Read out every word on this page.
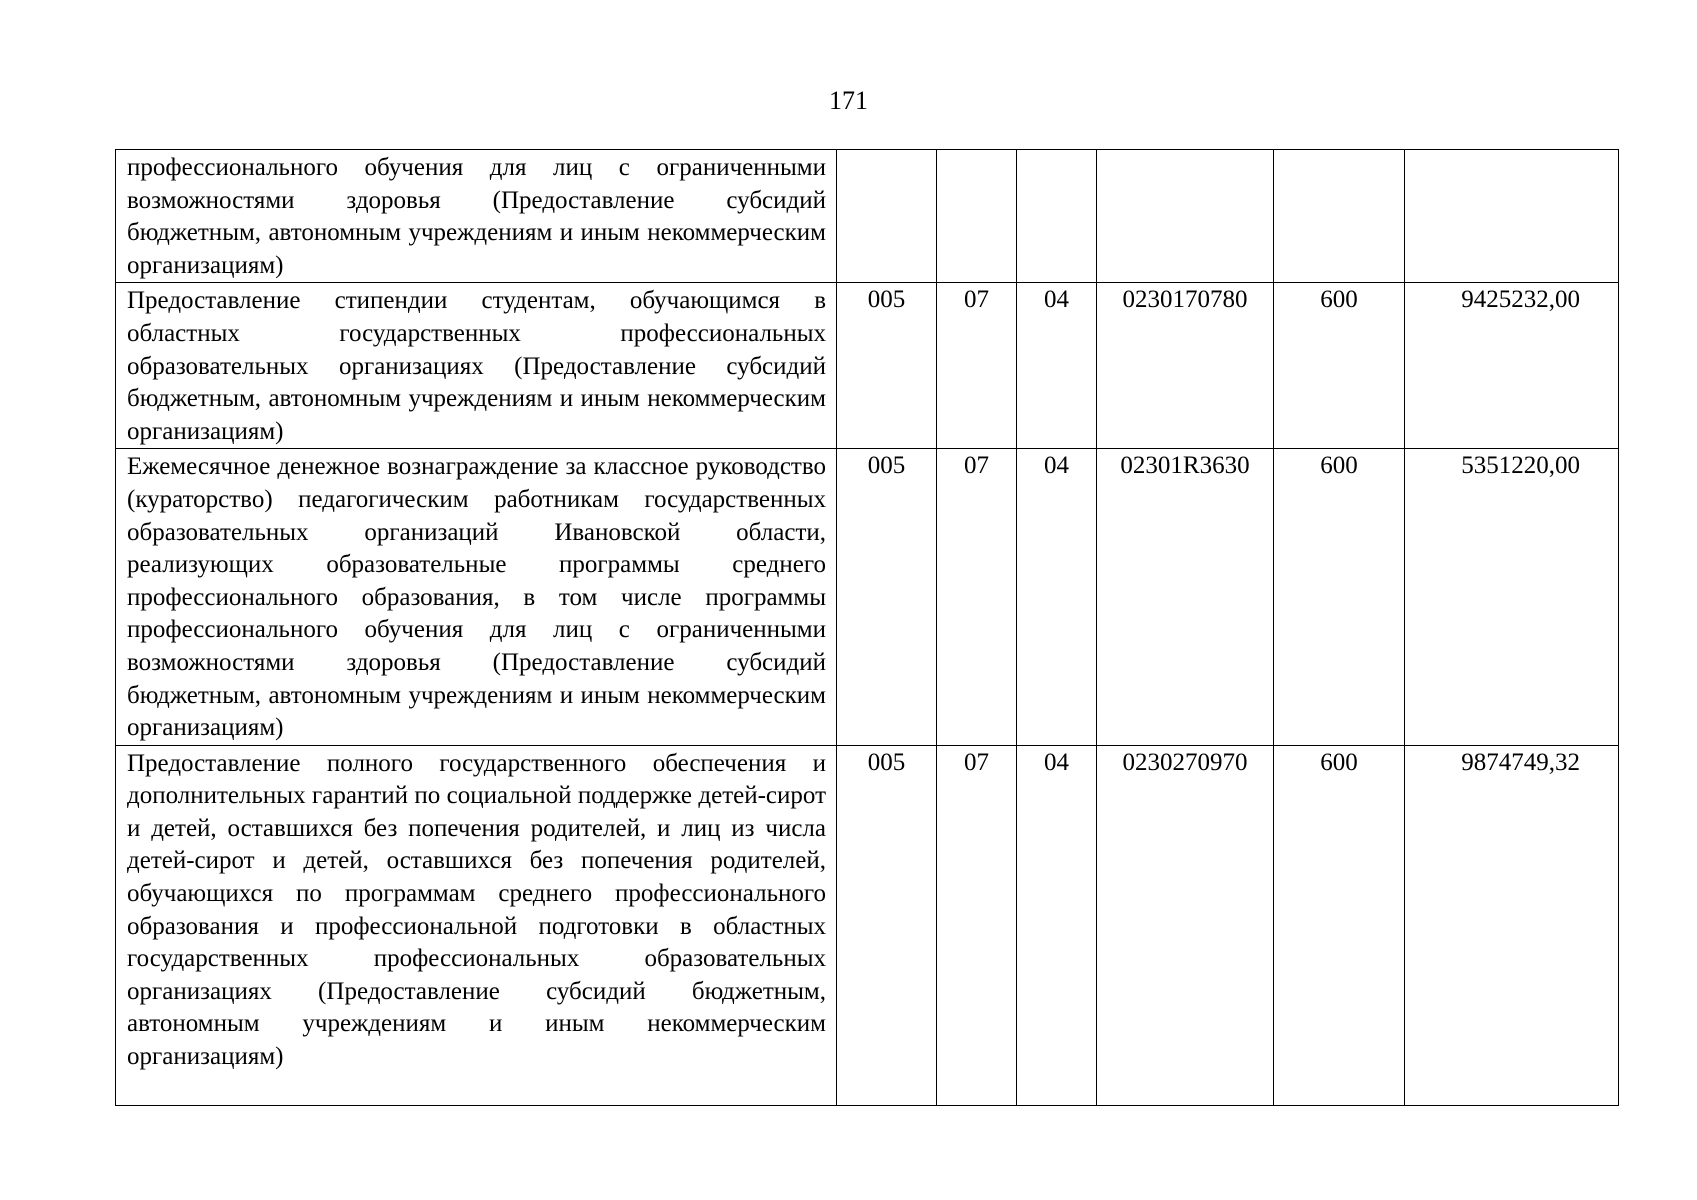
171
профессионального обучения для лиц с ограниченными возможностями здоровья (Предоставление субсидий бюджетным, автономным учреждениям и иным некоммерческим организациям)						
Предоставление стипендии студентам, обучающимся в областных государственных профессиональных образовательных организациях (Предоставление субсидий бюджетным, автономным учреждениям и иным некоммерческим организациям)	005	07	04	0230170780	600	9425232,00
Ежемесячное денежное вознаграждение за классное руководство (кураторство) педагогическим работникам государственных образовательных организаций Ивановской области, реализующих образовательные программы среднего профессионального образования, в том числе программы профессионального обучения для лиц с ограниченными возможностями здоровья (Предоставление субсидий бюджетным, автономным учреждениям и иным некоммерческим организациям)	005	07	04	02301R3630	600	5351220,00
Предоставление полного государственного обеспечения и дополнительных гарантий по социальной поддержке детей-сирот и детей, оставшихся без попечения родителей, и лиц из числа детей-сирот и детей, оставшихся без попечения родителей, обучающихся по программам среднего профессионального образования и профессиональной подготовки в областных государственных профессиональных образовательных организациях (Предоставление субсидий бюджетным, автономным учреждениям и иным некоммерческим организациям)	005	07	04	0230270970	600	9874749,32
